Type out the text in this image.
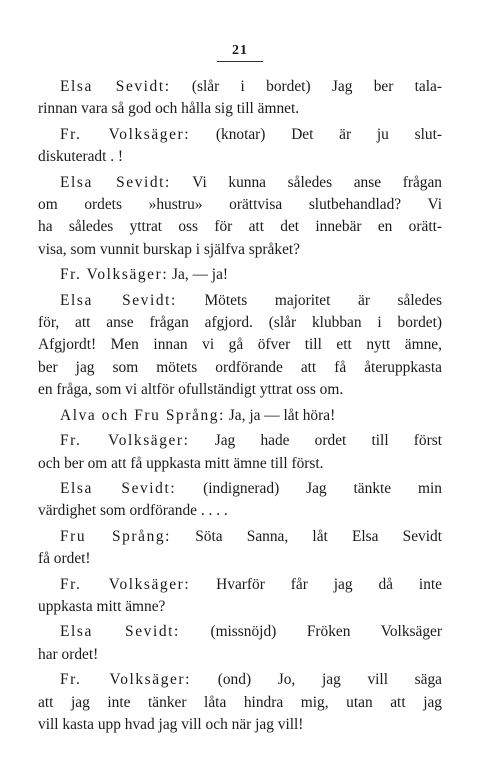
21
Elsa Sevidt: (slår i bordet) Jag ber tala-
rinnan vara så god och hålla sig till ämnet.
Fr. Volksäger: (knotar) Det är ju slut-
diskuteradt . !
Elsa Sevidt: Vi kunna således anse frågan
om ordets »hustru» orättvisa slutbehandlad? Vi
ha således yttrat oss för att det innebär en orätt-
visa, som vunnit burskap i själfva språket?
Fr. Volksäger: Ja, — ja!
Elsa Sevidt: Mötets majoritet är således
för, att anse frågan afgjord. (slår klubban i bordet)
Afgjordt! Men innan vi gå öfver till ett nytt ämne,
ber jag som mötets ordförande att få återuppkasta
en fråga, som vi altför ofullständigt yttrat oss om.
Alva och Fru Språng: Ja, ja — låt höra!
Fr. Volksäger: Jag hade ordet till först
och ber om att få uppkasta mitt ämne till först.
Elsa Sevidt: (indignerad) Jag tänkte min
värdighet som ordförande . . . .
Fru Språng: Söta Sanna, låt Elsa Sevidt
få ordet!
Fr. Volksäger: Hvarför får jag då inte
uppkasta mitt ämne?
Elsa Sevidt: (missnöjd) Fröken Volksäger
har ordet!
Fr. Volksäger: (ond) Jo, jag vill säga
att jag inte tänker låta hindra mig, utan att jag
vill kasta upp hvad jag vill och när jag vill!
